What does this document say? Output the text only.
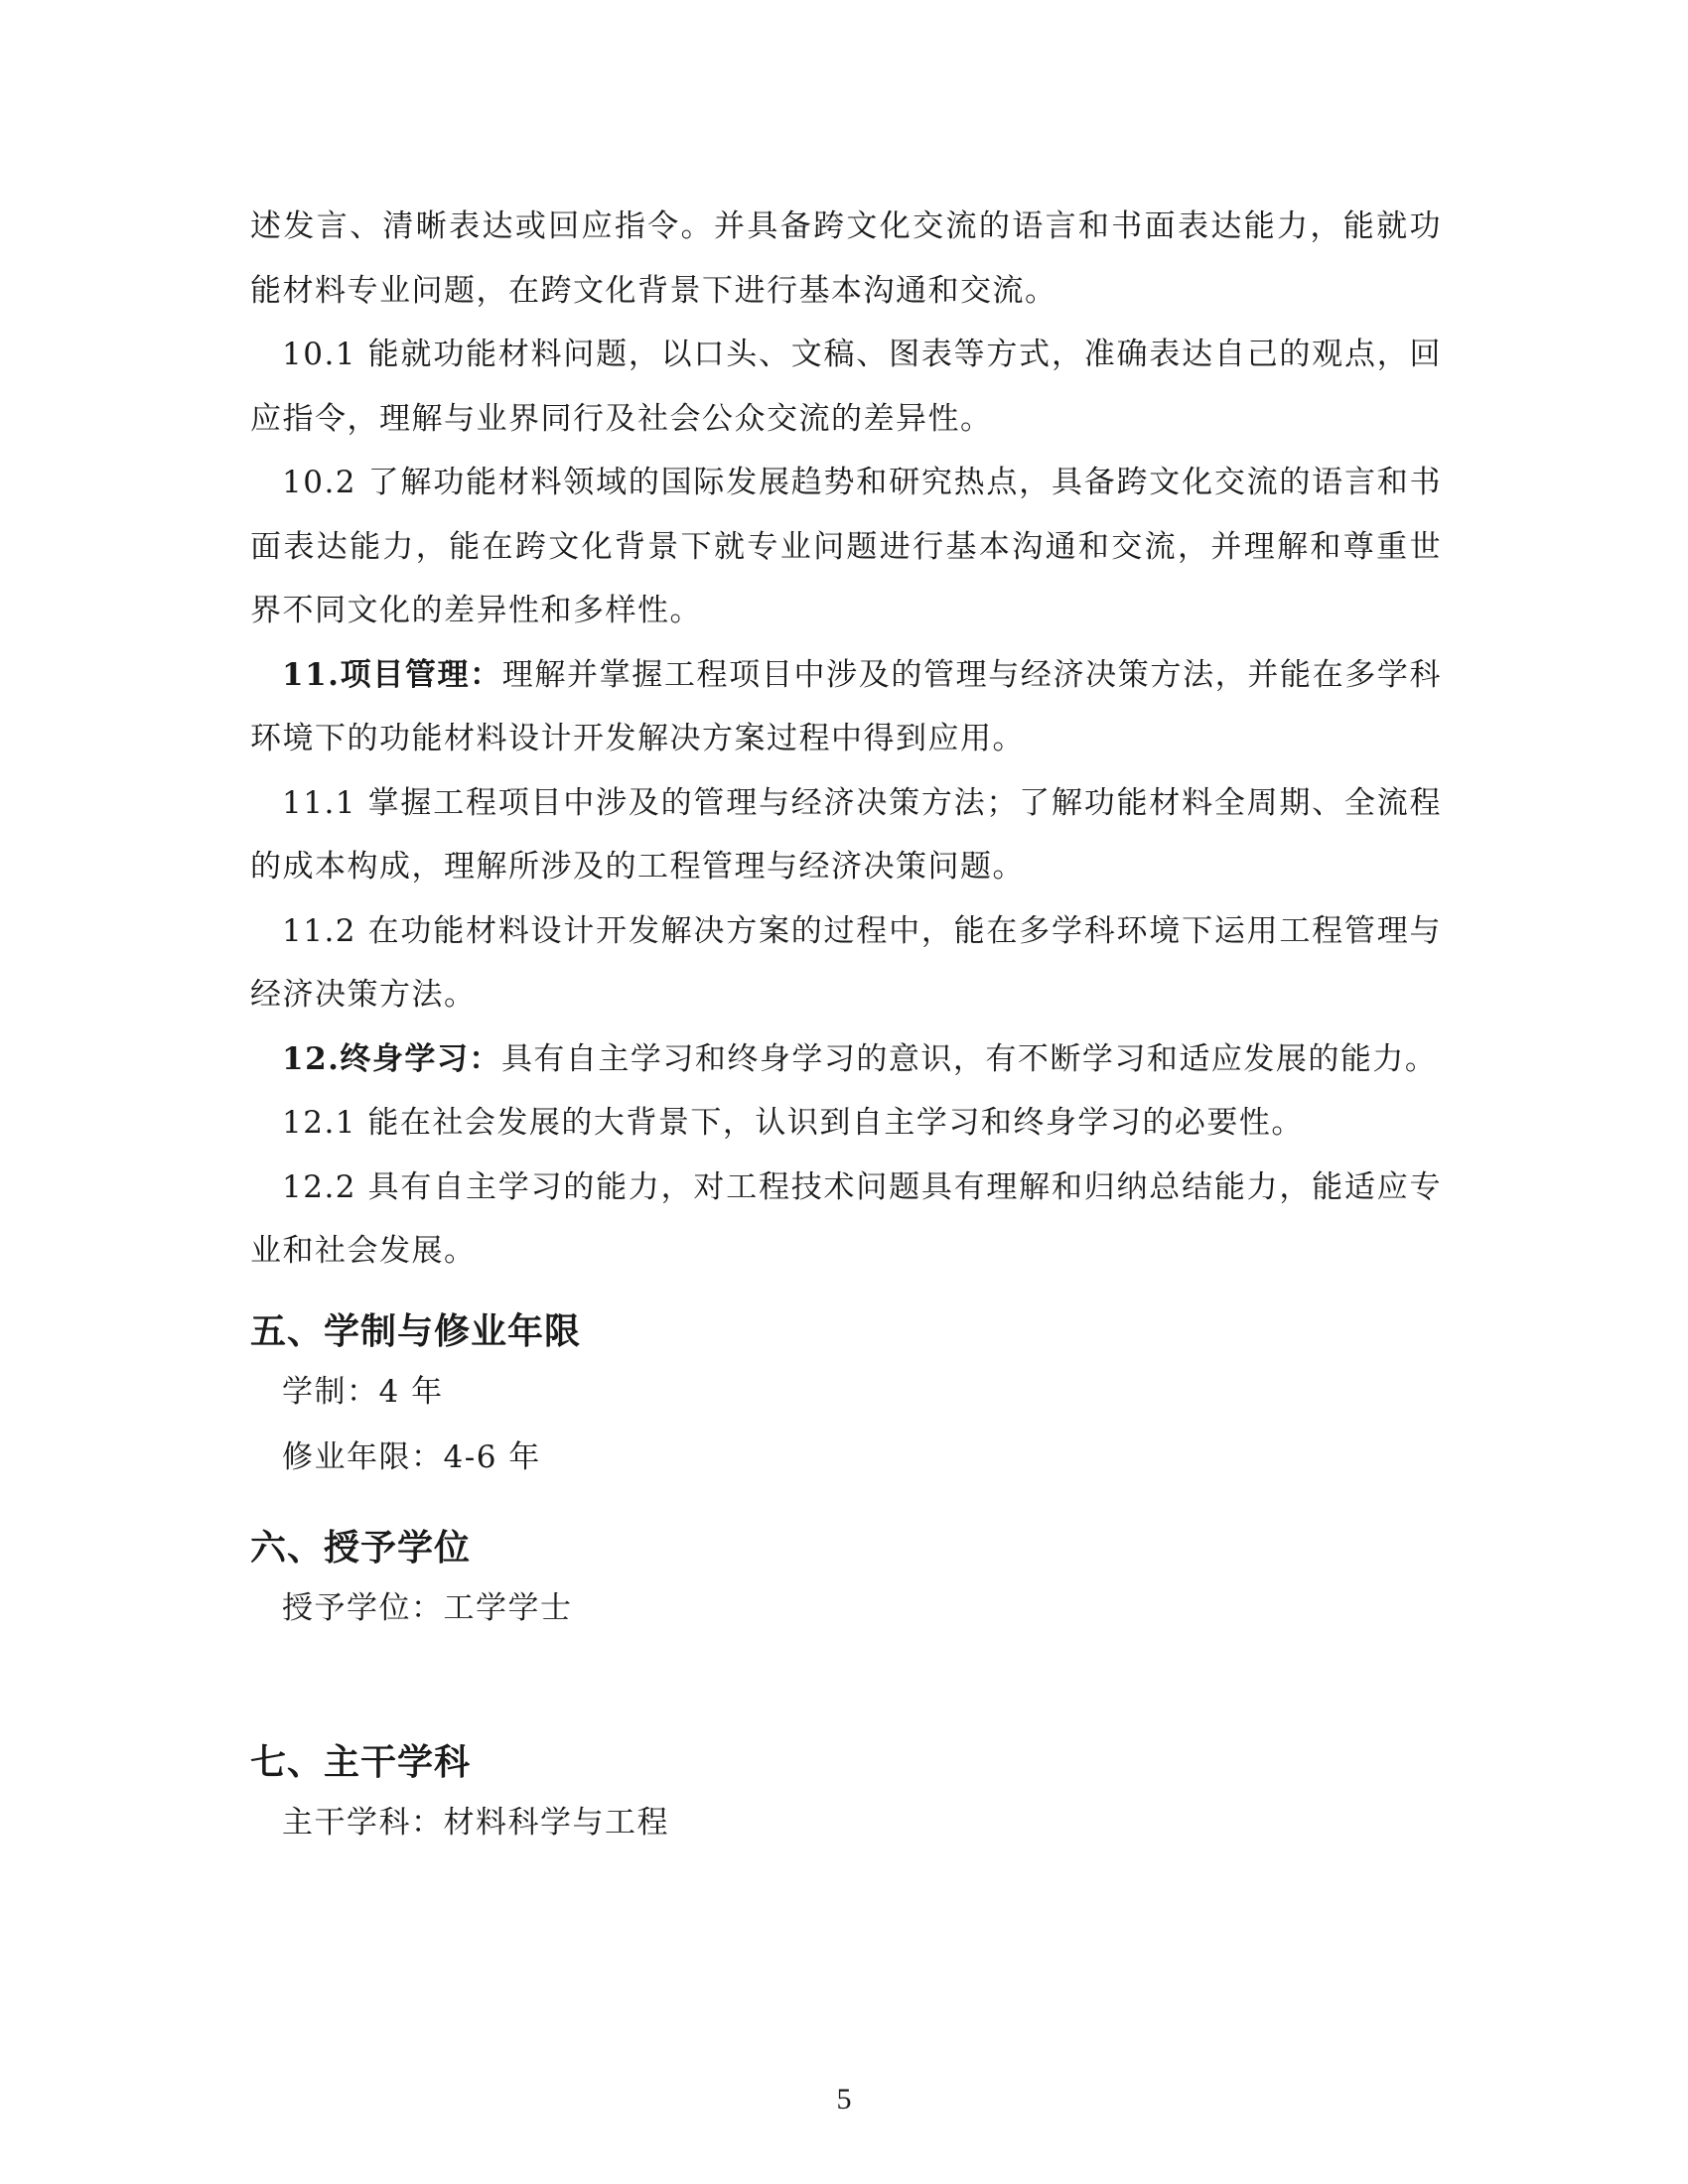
述发言、清晰表达或回应指令。并具备跨文化交流的语言和书面表达能力，能就功能材料专业问题，在跨文化背景下进行基本沟通和交流。

10.1 能就功能材料问题，以口头、文稿、图表等方式，准确表达自己的观点，回应指令，理解与业界同行及社会公众交流的差异性。

10.2 了解功能材料领域的国际发展趋势和研究热点，具备跨文化交流的语言和书面表达能力，能在跨文化背景下就专业问题进行基本沟通和交流，并理解和尊重世界不同文化的差异性和多样性。

11.项目管理：理解并掌握工程项目中涉及的管理与经济决策方法，并能在多学科环境下的功能材料设计开发解决方案过程中得到应用。

11.1 掌握工程项目中涉及的管理与经济决策方法；了解功能材料全周期、全流程的成本构成，理解所涉及的工程管理与经济决策问题。

11.2 在功能材料设计开发解决方案的过程中，能在多学科环境下运用工程管理与经济决策方法。

12.终身学习：具有自主学习和终身学习的意识，有不断学习和适应发展的能力。

12.1 能在社会发展的大背景下，认识到自主学习和终身学习的必要性。

12.2 具有自主学习的能力，对工程技术问题具有理解和归纳总结能力，能适应专业和社会发展。

五、学制与修业年限
学制：4 年
修业年限：4-6 年
六、授予学位
授予学位：工学学士
七、主干学科
主干学科：材料科学与工程
5
